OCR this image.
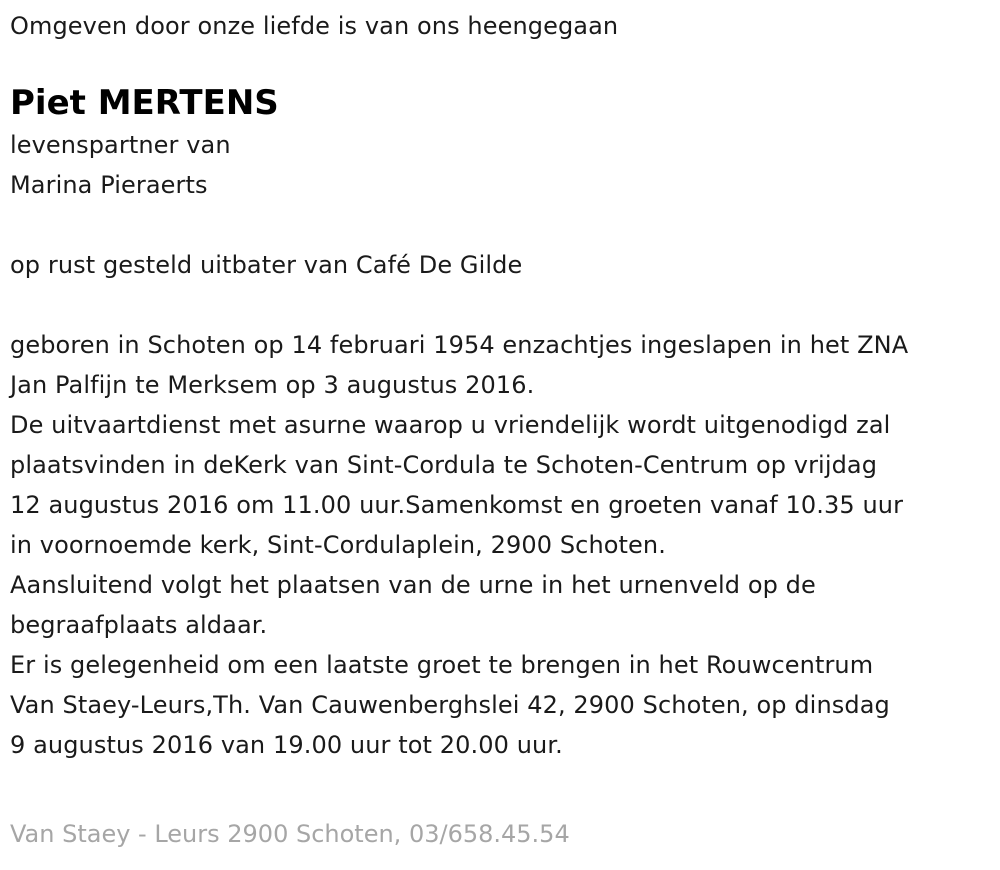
Omgeven door onze liefde is van ons heengegaan
Piet MERTENS
levenspartner van
Marina Pieraerts
op rust gesteld uitbater van Café De Gilde
geboren in Schoten op 14 februari 1954 enzachtjes ingeslapen in het ZNA
Jan Palfijn te Merksem op 3 augustus 2016.
De uitvaartdienst met asurne waarop u vriendelijk wordt uitgenodigd zal
plaatsvinden in deKerk van Sint-Cordula te Schoten-Centrum op vrijdag
12 augustus 2016 om 11.00 uur.Samenkomst en groeten vanaf 10.35 uur
in voornoemde kerk, Sint-Cordulaplein, 2900 Schoten.
Aansluitend volgt het plaatsen van de urne in het urnenveld op de
begraafplaats aldaar.
Er is gelegenheid om een laatste groet te brengen in het Rouwcentrum
Van Staey-Leurs,Th. Van Cauwenberghslei 42, 2900 Schoten, op dinsdag
9 augustus 2016 van 19.00 uur tot 20.00 uur.
Van Staey - Leurs 2900 Schoten, 03/658.45.54
